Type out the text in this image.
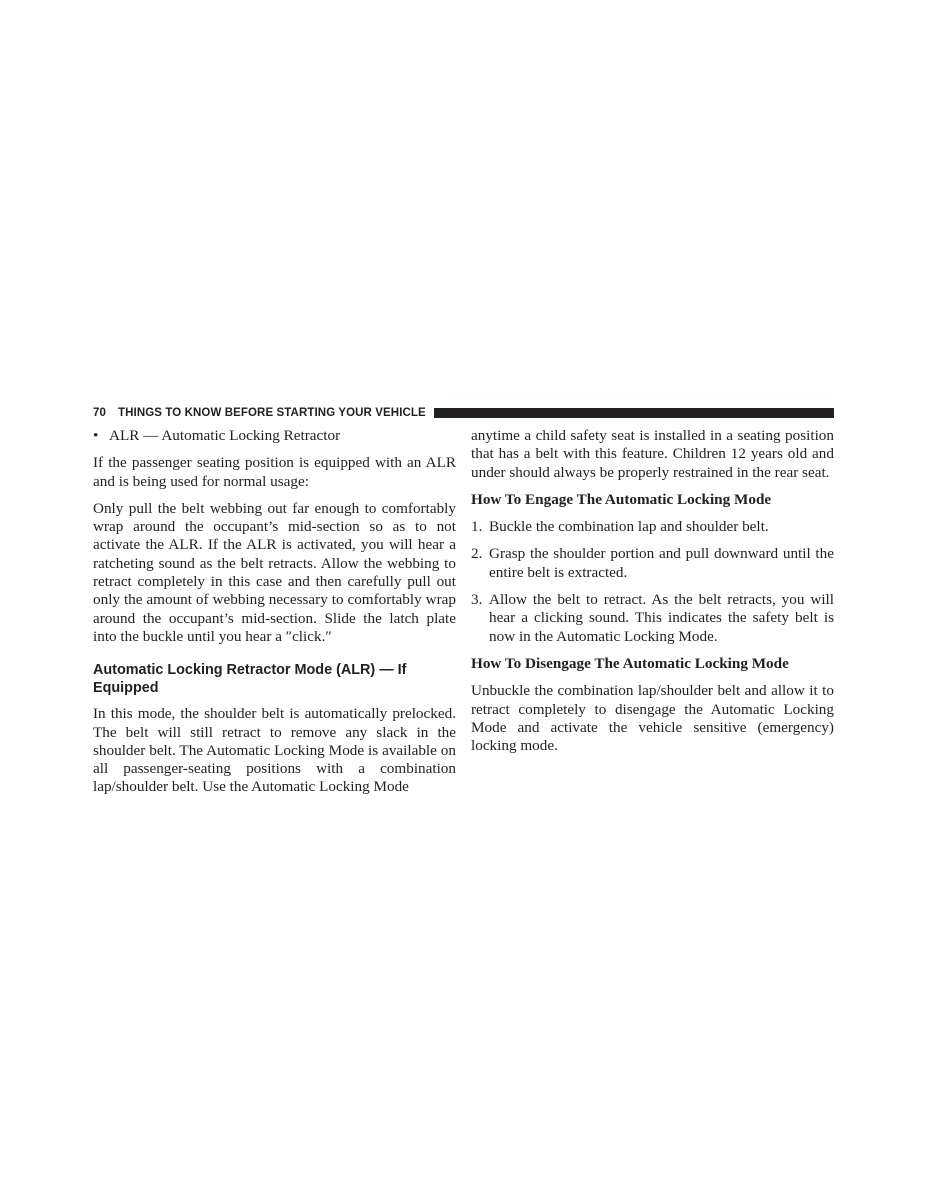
70 THINGS TO KNOW BEFORE STARTING YOUR VEHICLE
• ALR — Automatic Locking Retractor

If the passenger seating position is equipped with an ALR and is being used for normal usage:

Only pull the belt webbing out far enough to comfortably wrap around the occupant’s mid-section so as to not activate the ALR. If the ALR is activated, you will hear a ratcheting sound as the belt retracts. Allow the webbing to retract completely in this case and then carefully pull out only the amount of webbing necessary to comfortably wrap around the occupant’s mid-section. Slide the latch plate into the buckle until you hear a ″click.″

Automatic Locking Retractor Mode (ALR) — If Equipped

In this mode, the shoulder belt is automatically prelocked. The belt will still retract to remove any slack in the shoulder belt. The Automatic Locking Mode is available on all passenger-seating positions with a combination lap/shoulder belt. Use the Automatic Locking Mode

anytime a child safety seat is installed in a seating position that has a belt with this feature. Children 12 years old and under should always be properly restrained in the rear seat.

How To Engage The Automatic Locking Mode
1. Buckle the combination lap and shoulder belt.
2. Grasp the shoulder portion and pull downward until the entire belt is extracted.
3. Allow the belt to retract. As the belt retracts, you will hear a clicking sound. This indicates the safety belt is now in the Automatic Locking Mode.
How To Disengage The Automatic Locking Mode

Unbuckle the combination lap/shoulder belt and allow it to retract completely to disengage the Automatic Locking Mode and activate the vehicle sensitive (emergency) locking mode.
